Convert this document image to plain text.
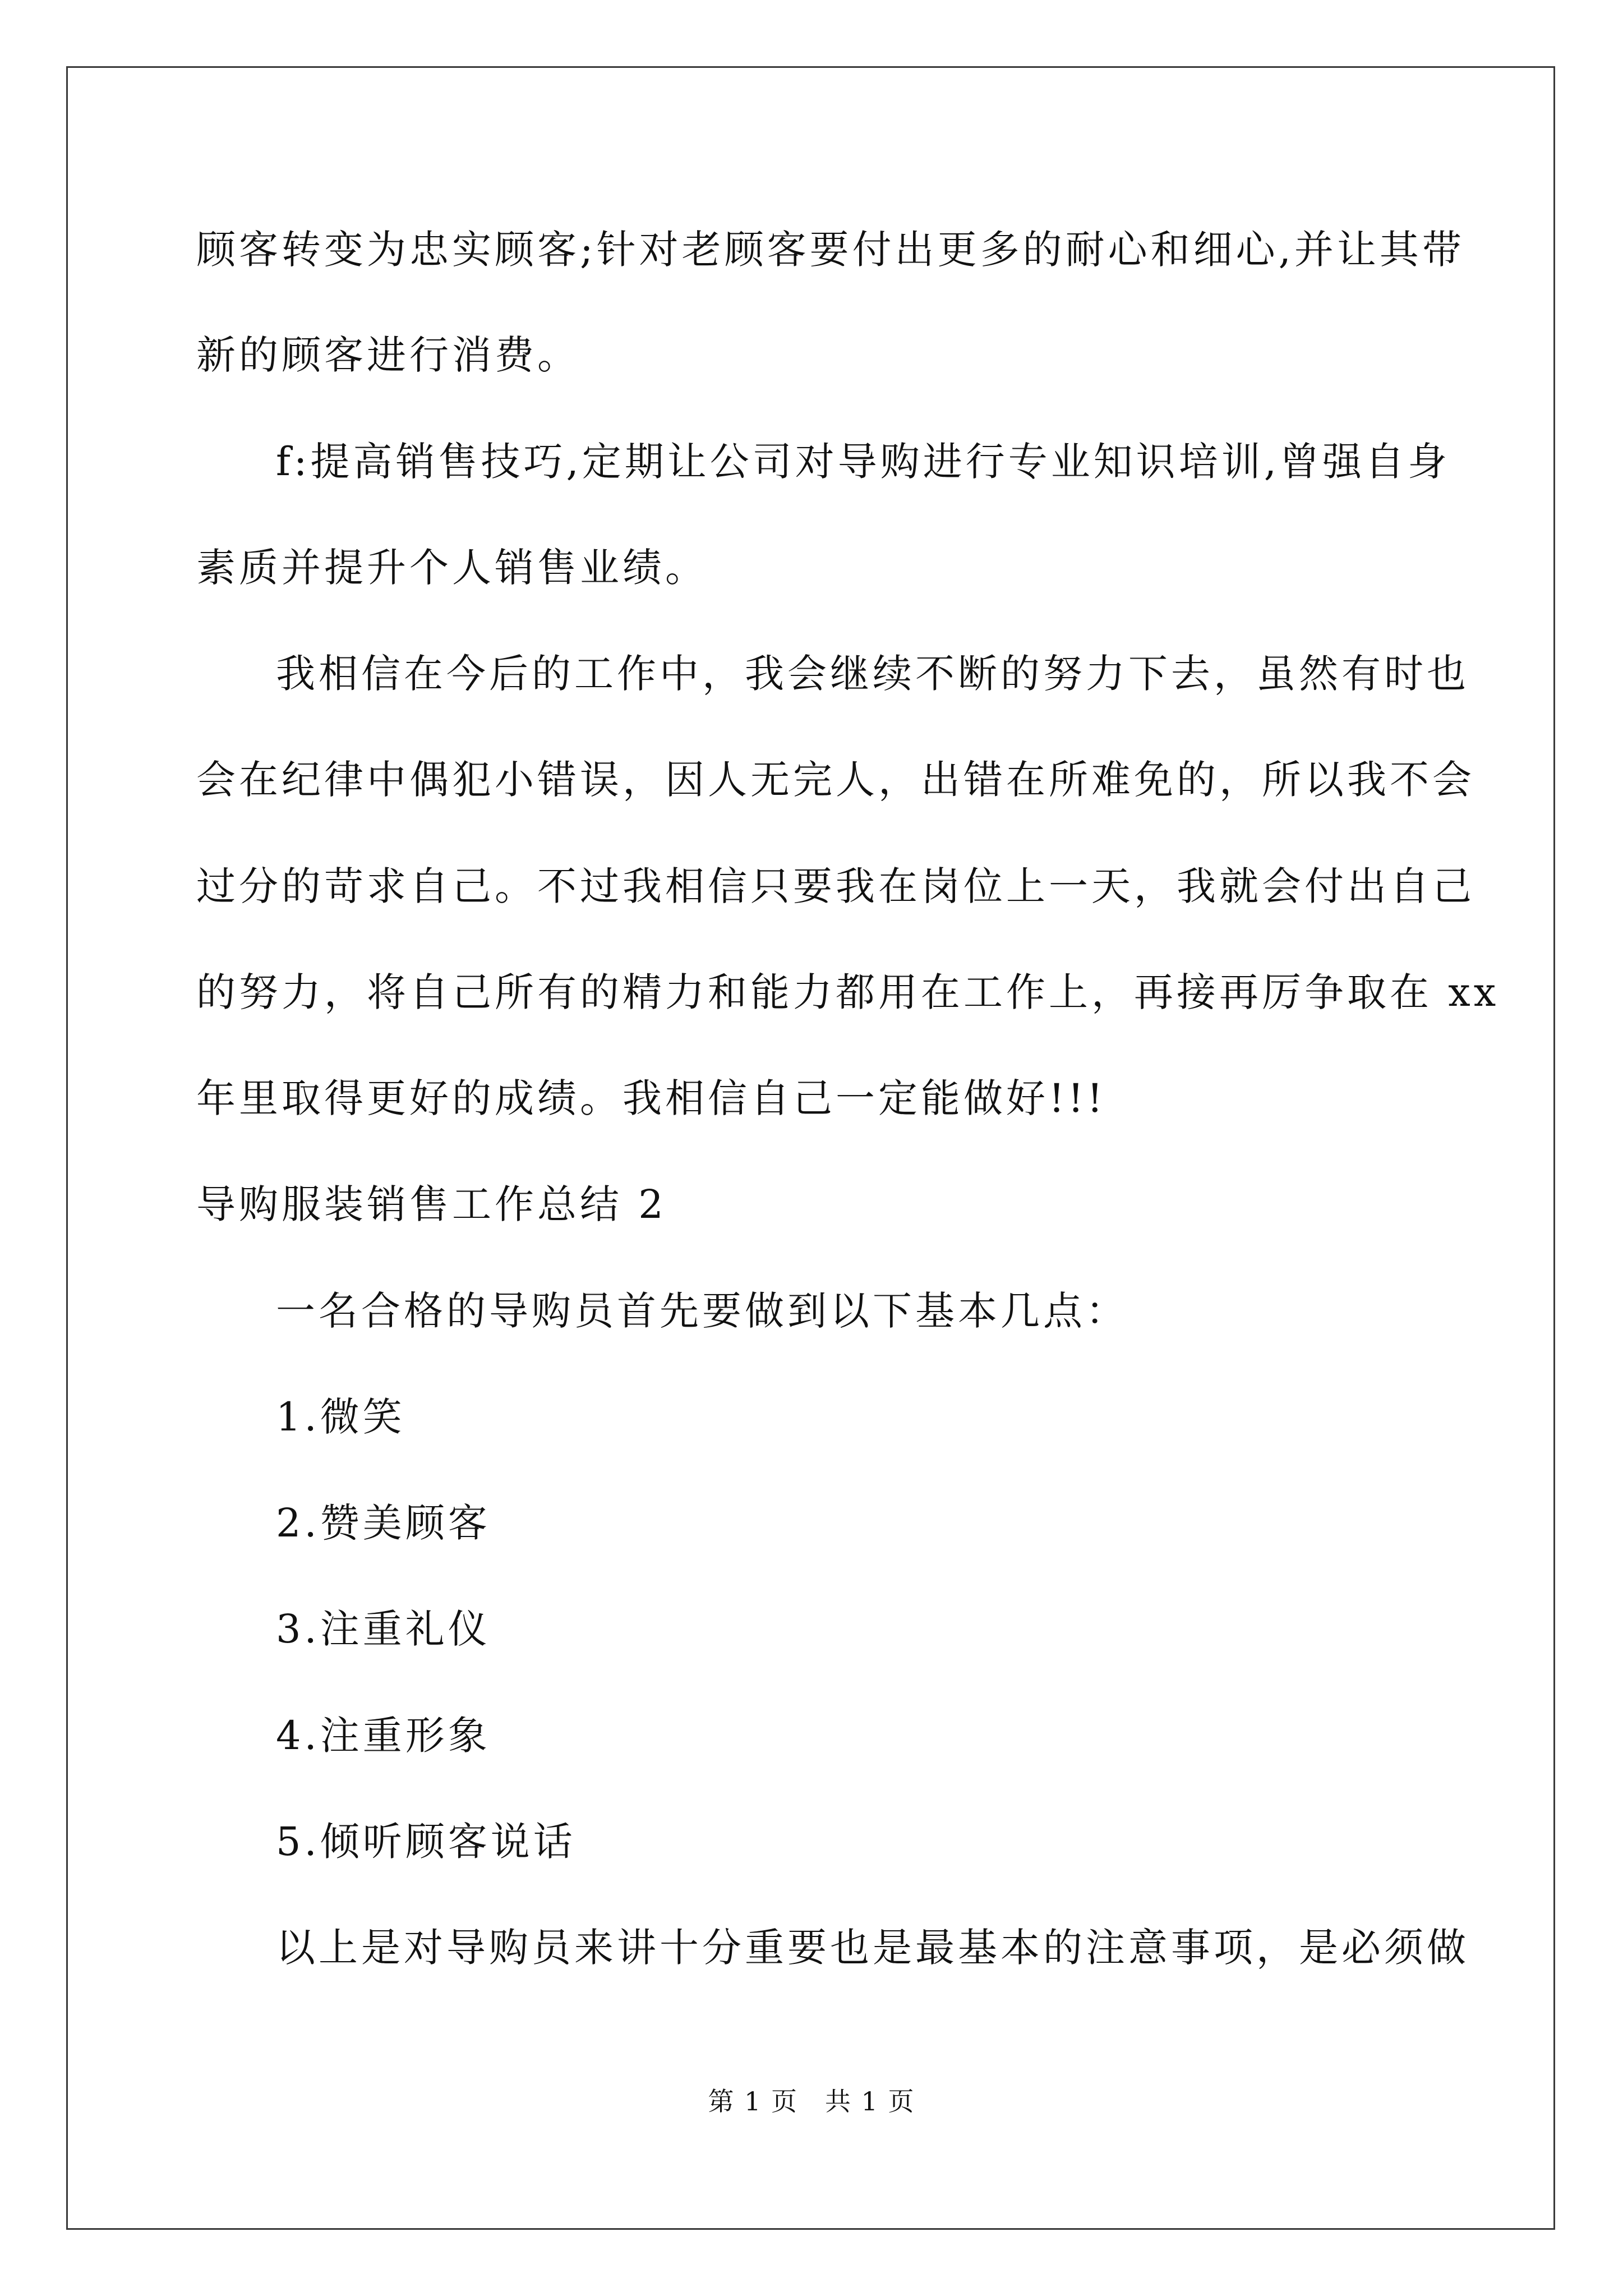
顾客转变为忠实顾客;针对老顾客要付出更多的耐心和细心,并让其带
新的顾客进行消费。
f:提高销售技巧,定期让公司对导购进行专业知识培训,曾强自身
素质并提升个人销售业绩。
我相信在今后的工作中，我会继续不断的努力下去，虽然有时也
会在纪律中偶犯小错误，因人无完人，出错在所难免的，所以我不会
过分的苛求自己。不过我相信只要我在岗位上一天，我就会付出自己
的努力，将自己所有的精力和能力都用在工作上，再接再厉争取在 xx
年里取得更好的成绩。我相信自己一定能做好!!!
导购服装销售工作总结 2
一名合格的导购员首先要做到以下基本几点：
1.微笑
2.赞美顾客
3.注重礼仪
4.注重形象
5.倾听顾客说话
以上是对导购员来讲十分重要也是最基本的注意事项，是必须做
第 1 页　共 1 页
